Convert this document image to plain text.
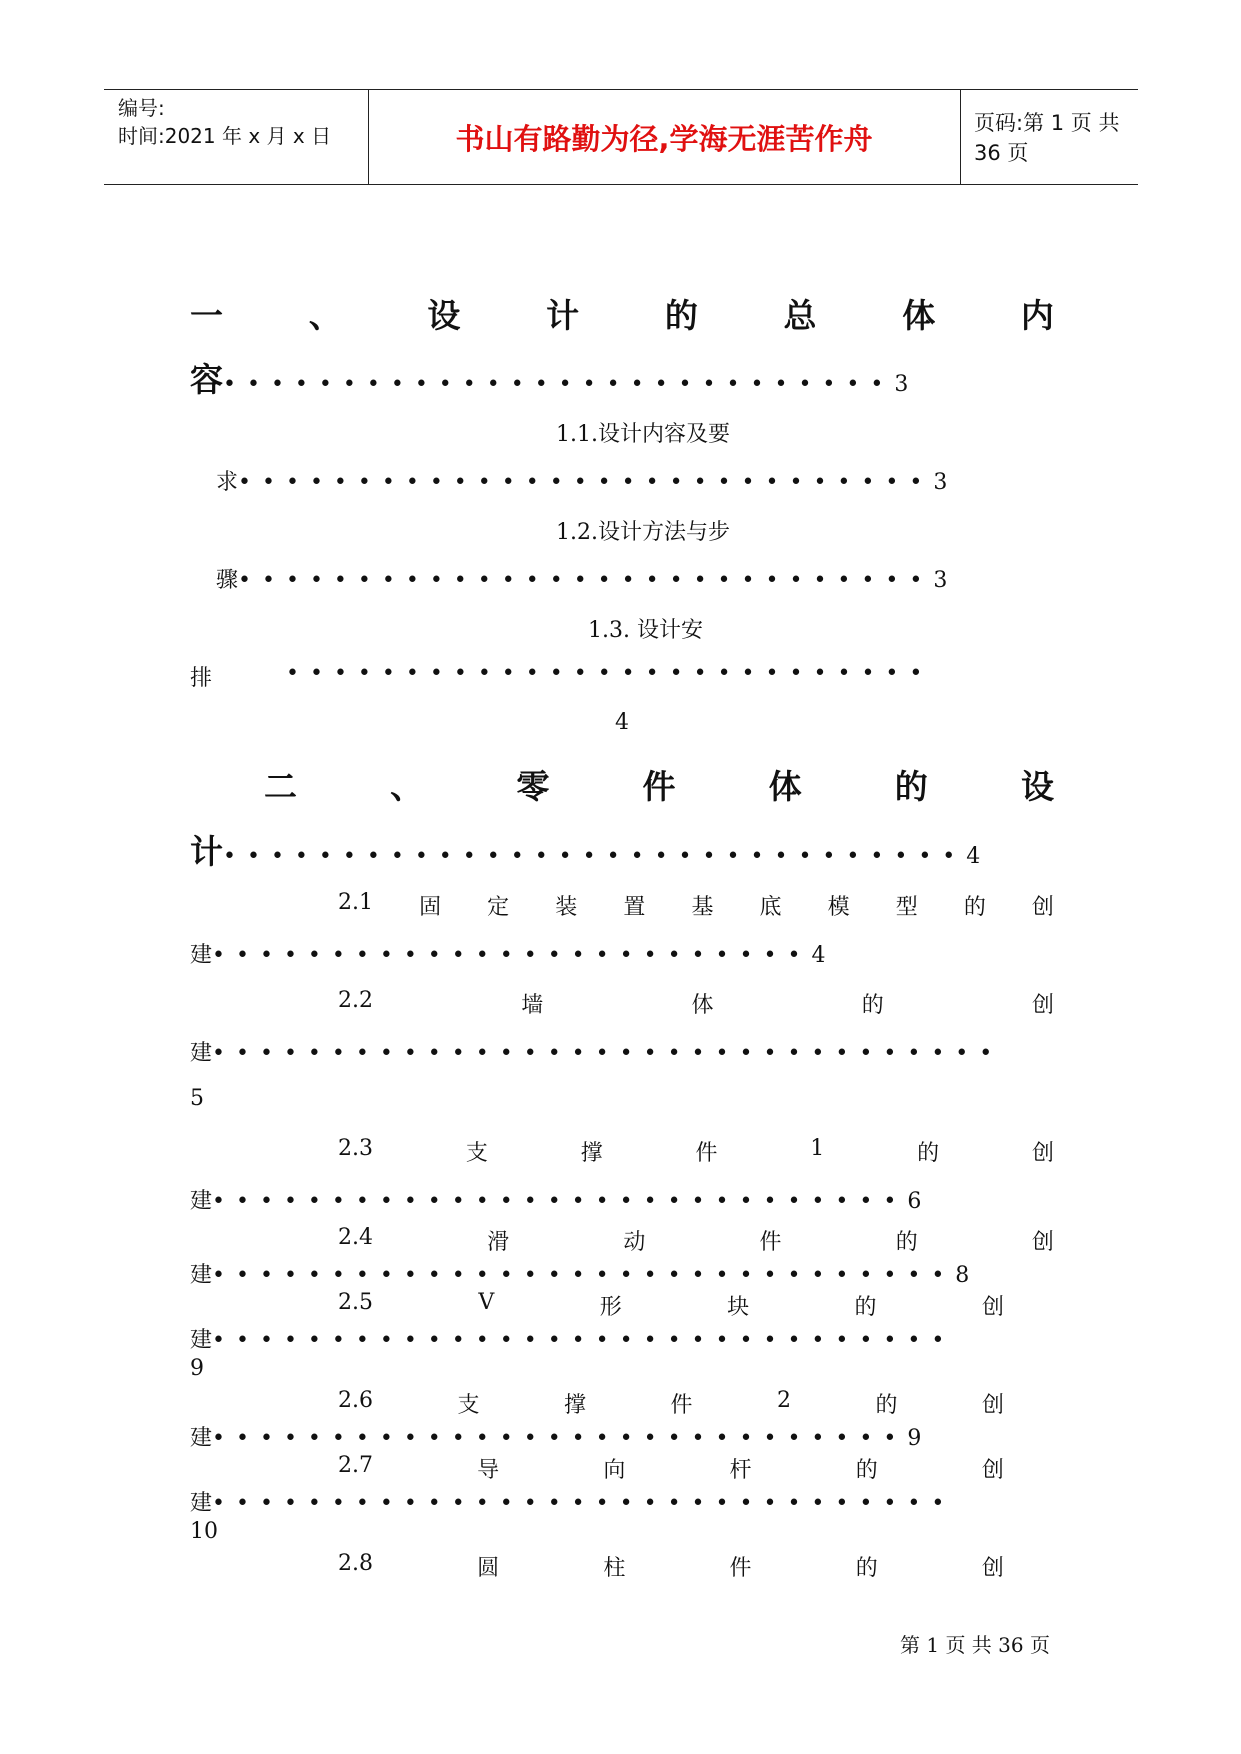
编号:
时间:2021 年 x 月 x 日	书山有路勤为径,学海无涯苦作舟	页码:第 1 页 共 36 页
一	、	设	计	的	总	体	内
容••••••••••••••••••••••••••••3
1.1.设计内容及要
求•••••••••••••••••••••••••••••3
1.2.设计方法与步
骤•••••••••••••••••••••••••••••3
1.3. 设计安
排	•••••••••••••••••••••••••••
4
二	、	零	件	体	的	设
计•••••••••••••••••••••••••••••••4
2.1 固 定 装 置 基 底 模 型 的 创
建•••••••••••••••••••••••••4
2.2	墙	体	的	创
建•••••••••••••••••••••••••••••••••
5
2.3	支	撑	件	1	的	创
建•••••••••••••••••••••••••••••6
2.4	滑	动	件	的	创
建•••••••••••••••••••••••••••••••8
2.5	V	形	块	的	创
建•••••••••••••••••••••••••••••••
9
2.6	支	撑	件	2	的	创
建•••••••••••••••••••••••••••••9
2.7	导	向	杆	的	创
建•••••••••••••••••••••••••••••••
10
2.8	圆	柱	件	的	创
第 1 页 共 36 页
